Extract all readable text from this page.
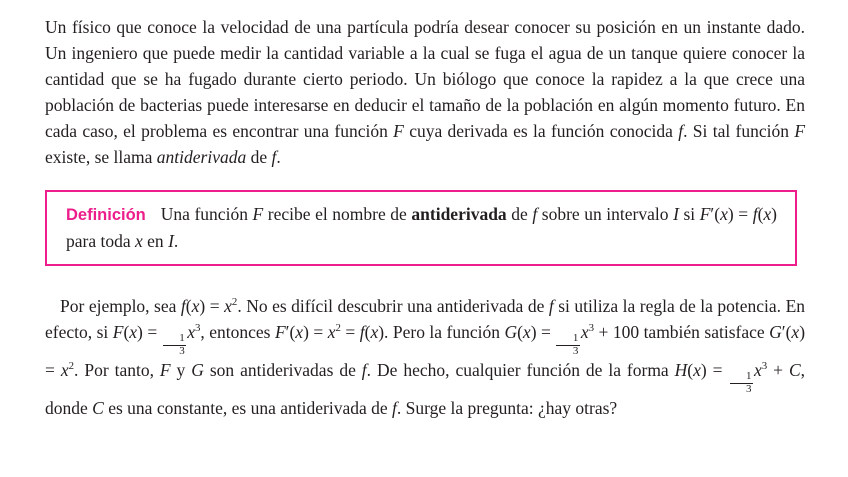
Un físico que conoce la velocidad de una partícula podría desear conocer su posición en un instante dado. Un ingeniero que puede medir la cantidad variable a la cual se fuga el agua de un tanque quiere conocer la cantidad que se ha fugado durante cierto periodo. Un biólogo que conoce la rapidez a la que crece una población de bacterias puede interesarse en deducir el tamaño de la población en algún momento futuro. En cada caso, el problema es encontrar una función F cuya derivada es la función conocida f. Si tal función F existe, se llama antiderivada de f.

Definición Una función F recibe el nombre de antiderivada de f sobre un intervalo I si F′(x) = f(x) para toda x en I.

Por ejemplo, sea $f(x) = x^2$. No es difícil descubrir una antiderivada de f si utiliza la regla de la potencia. En efecto, si F(x) =
$\frac{1}{3}$
$x^3$, entonces $F'(x) = x^2 = f(x)$. Pero la función G(x) =
$\frac{1}{3}$
$x^3 + 100$ también satisface $G'(x) = x^2$. Por tanto, F y G son antiderivadas de f. De hecho, cualquier función de la forma H(x) =
$\frac{1}{3}$
$x^3 + C$, donde C es una constante, es una antiderivada de f. Surge la pregunta: ¿hay otras?
